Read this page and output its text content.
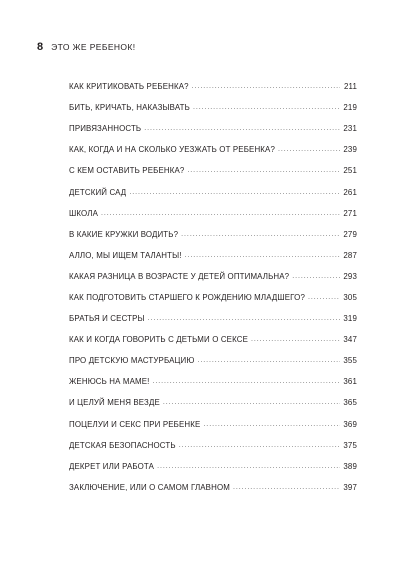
8 ЭТО ЖЕ РЕБЕНОК!
КАК КРИТИКОВАТЬ РЕБЕНКА? . . .	211
БИТЬ, КРИЧАТЬ, НАКАЗЫВАТЬ . . .	219
ПРИВЯЗАННОСТЬ . . .	231
КАК, КОГДА И НА СКОЛЬКО УЕЗЖАТЬ ОТ РЕБЕНКА? . . .	239
С КЕМ ОСТАВИТЬ РЕБЕНКА? . . .	251
ДЕТСКИЙ САД . . .	261
ШКОЛА . . .	271
В КАКИЕ КРУЖКИ ВОДИТЬ? . . .	279
АЛЛО, МЫ ИЩЕМ ТАЛАНТЫ! . . .	287
КАКАЯ РАЗНИЦА В ВОЗРАСТЕ У ДЕТЕЙ ОПТИМАЛЬНА? . . .	293
КАК ПОДГОТОВИТЬ СТАРШЕГО К РОЖДЕНИЮ МЛАДШЕГО? . . .	305
БРАТЬЯ И СЕСТРЫ . . .	319
КАК И КОГДА ГОВОРИТЬ С ДЕТЬМИ О СЕКСЕ . . .	347
ПРО ДЕТСКУЮ МАСТУРБАЦИЮ . . .	355
ЖЕНЮСЬ НА МАМЕ! . . .	361
И ЦЕЛУЙ МЕНЯ ВЕЗДЕ . . .	365
ПОЦЕЛУИ И СЕКС ПРИ РЕБЕНКЕ . . .	369
ДЕТСКАЯ БЕЗОПАСНОСТЬ . . .	375
ДЕКРЕТ ИЛИ РАБОТА . . .	389
ЗАКЛЮЧЕНИЕ, ИЛИ О САМОМ ГЛАВНОМ . . .	397
